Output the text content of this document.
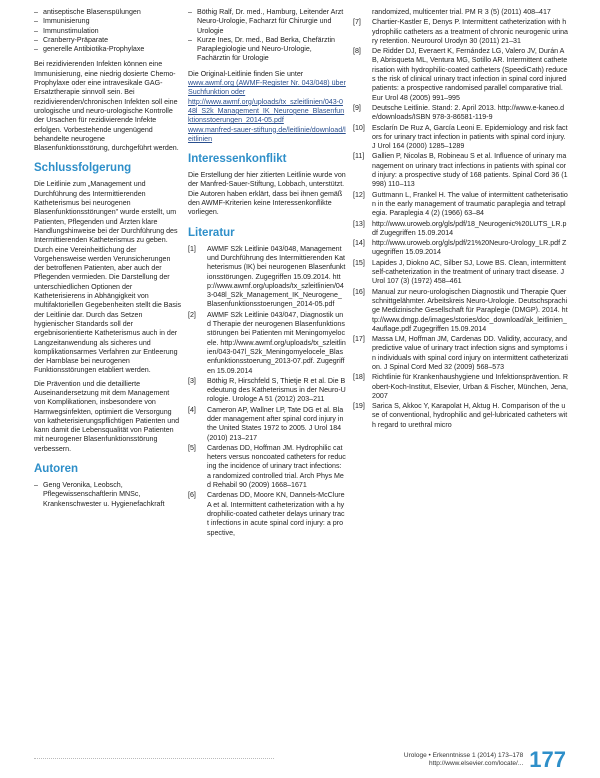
– antiseptische Blasenspülungen
– Immunisierung
– Immunstimulation
– Cranberry-Präparate
– generelle Antibiotika-Prophylaxe

Bei rezidivierenden Infekten können eine Immunisierung, eine niedrig dosierte Chemo-Prophylaxe oder eine intravesikale GAG-Ersatztherapie sinnvoll sein. Bei rezidivierenden/chronischen Infekten soll eine urologische und neuro-urologische Kontrolle der Ursachen für rezidivierende Infekte erfolgen. Vorbestehende ungenügend behandelte neurogene Blasenfunktionsstörung, durchgeführt werden.

Schlussfolgerung

Die Leitlinie zum „Management und Durchführung des Intermittierenden Katheterismus bei neurogenen Blasenfunktionsstörungen" wurde erstellt, um Patienten, Pflegenden und Ärzten klare Handlungshinweise bei der Durchführung des Intermittierenden Katheterismus zu geben. Durch eine Vereinheitlichung der Vorgehensweise werden Verunsicherungen der betroffenen Patienten, aber auch der Pflegenden vermieden. Die Darstellung der unterschiedlichen Optionen der Katheterisierens in Abhängigkeit von multifaktoriellen Gegebenheiten stellt die Basis der Leitlinie dar. Durch das Setzen hygienischer Standards soll der ergebnisorientierte Katheterismus auch in der Langzeitanwendung als sicheres und komplikationsarmes Verfahren zur Entleerung der Harnblase bei neurogenen Funktionsstörungen etabliert werden.

Die Prävention und die detaillierte Auseinandersetzung mit dem Management von Komplikationen, insbesondere von Harnwegsinfekten, optimiert die Versorgung von katheterisierungspflichtigen Patienten und kann damit die Lebensqualität von Patienten mit neurogener Blasenfunktionsstörung verbessern.

Autoren
– Geng Veronika, Leobsch, Pflegewissenschaftlerin MNSc, Krankenschwester u. Hygienefachkraft
– Böthig Ralf, Dr. med., Hamburg, Leitender Arzt Neuro-Urologie, Facharzt für Chirurgie und Urologie
– Kurze Ines, Dr. med., Bad Berka, Chefärztin Paraplegiologie und Neuro-Urologie, Fachärztin für Urologie

Die Original-Leitlinie finden Sie unter

www.awmf.org (AWMF-Register Nr. 043/048) über Suchfunktion oder
http://www.awmf.org/uploads/tx_szleitlinien/043-048l_S2k_Management_IK_Neurogene_Blasenfunktionsstoerungen_2014-05.pdf
www.manfred-sauer-stiftung.de/leitlinie/download/leitlinien
Interessenkonflikt

Die Erstellung der hier zitierten Leitlinie wurde von der Manfred-Sauer-Stiftung, Lobbach, unterstützt. Die Autoren haben erklärt, dass bei ihnen gemäß den AWMF-Kriterien keine Interessenkonflikte vorliegen.

Literatur
[1] AWMF S2k Leitlinie 043/048, Management und Durchführung des Intermittierenden Katheterismus (IK) bei neurogenen Blasenfunktionsstörungen. Zugegriffen 15.09.2014. http://www.awmf.org/uploads/tx_szleitlinien/043-048l_S2k_Management_IK_Neurogene_Blasenfunktionsstoerungen_2014-05.pdf
[2] AWMF S2k Leitlinie 043/047, Diagnostik und Therapie der neurogenen Blasenfunktionsstörungen bei Patienten mit Meningomyelocele. http://www.awmf.org/uploads/tx_szleitlinien/043-047l_S2k_Meningomyelocele_Blasenfunktionsstoerung_2013-07.pdf. Zugegriffen 15.09.2014
[3] Böthig R, Hirschfeld S, Thietje R et al. Die Bedeutung des Katheterismus in der Neuro-Urologie. Urologe A 51 (2012) 203–211
[4] Cameron AP, Wallner LP, Tate DG et al. Bladder management after spinal cord injury in the United States 1972 to 2005. J Urol 184 (2010) 213–217
[5] Cardenas DD, Hoffman JM. Hydrophilic catheters versus noncoated catheters for reducing the incidence of urinary tract infections: a randomized controlled trial. Arch Phys Med Rehabil 90 (2009) 1668–1671
[6] Cardenas DD, Moore KN, Dannels-McClure A et al. Intermittent catheterization with a hydrophilic-coated catheter delays urinary tract infections in acute spinal cord injury: a prospective,
randomized, multicenter trial. PM R 3 (5) (2011) 408–417
[7] Chartier-Kastler E, Denys P. Intermittent catheterization with hydrophilic catheters as a treatment of chronic neurogenic urinary retention. Neurourol Urodyn 30 (2011) 21–31
[8] De Ridder DJ, Everaert K, Fernández LG, Valero JV, Durán AB, Abrisqueta ML, Ventura MG, Sotillo AR. Intermittent catheterisation with hydrophilic-coated catheters (SpeediCath) reduces the risk of clinical urinary tract infection in spinal cord injured patients: a prospective randomised parallel comparative trial. Eur Urol 48 (2005) 991–995
[9] Deutsche Leitlinie. Stand: 2. April 2013. http://www.e-kaneo.de/downloads/ISBN 978-3-86581-119-9
[10] Esclarín De Ruz A, García Leoni E. Epidemiology and risk factors for urinary tract infection in patients with spinal cord injury. J Urol 164 (2000) 1285–1289
[11] Gallien P, Nicolas B, Robineau S et al. Influence of urinary management on urinary tract infections in patients with spinal cord injury: a prospective study of 168 patients. Spinal Cord 36 (1998) 110–113
[12] Guttmann L, Frankel H. The value of intermittent catheterisation in the early management of traumatic paraplegia and tetraplegia. Paraplegia 4 (2) (1966) 63–84
[13] http://www.uroweb.org/gls/pdf/18_Neurogenic%20LUTS_LR.pdf Zugegriffen 15.09.2014
[14] http://www.uroweb.org/gls/pdf/21%20Neuro-Urology_LR.pdf Zugegriffen 15.09.2014
[15] Lapides J, Diokno AC, Silber SJ, Lowe BS. Clean, intermittent self-catheterization in the treatment of urinary tract disease. J Urol 107 (3) (1972) 458–461
[16] Manual zur neuro-urologischen Diagnostik und Therapie Querschnittgelähmter. Arbeitskreis Neuro-Urologie. Deutschsprachige Medizinische Gesellschaft für Paraplegie (DMGP). 2014. http://www.dmgp.de/images/stories/doc_download/ak_leitlinien_4auflage.pdf Zugegriffen 15.09.2014
[17] Massa LM, Hoffman JM, Cardenas DD. Validity, accuracy, and predictive value of urinary tract infection signs and symptoms in individuals with spinal cord injury on intermittent catheterization. J Spinal Cord Med 32 (2009) 568–573
[18] Richtlinie für Krankenhaushygiene und Infektionsprävention. Robert-Koch-Institut, Elsevier, Urban & Fischer, München, Jena, 2007
[19] Sarica S, Akkoc Y, Karapolat H, Aktug H. Comparison of the use of conventional, hydrophilic and gel-lubricated catheters with regard to urethral micro
Urologe • Erkenntnisse 1 (2014) 173–178
http://www.elsevier.com/locate/... 177
